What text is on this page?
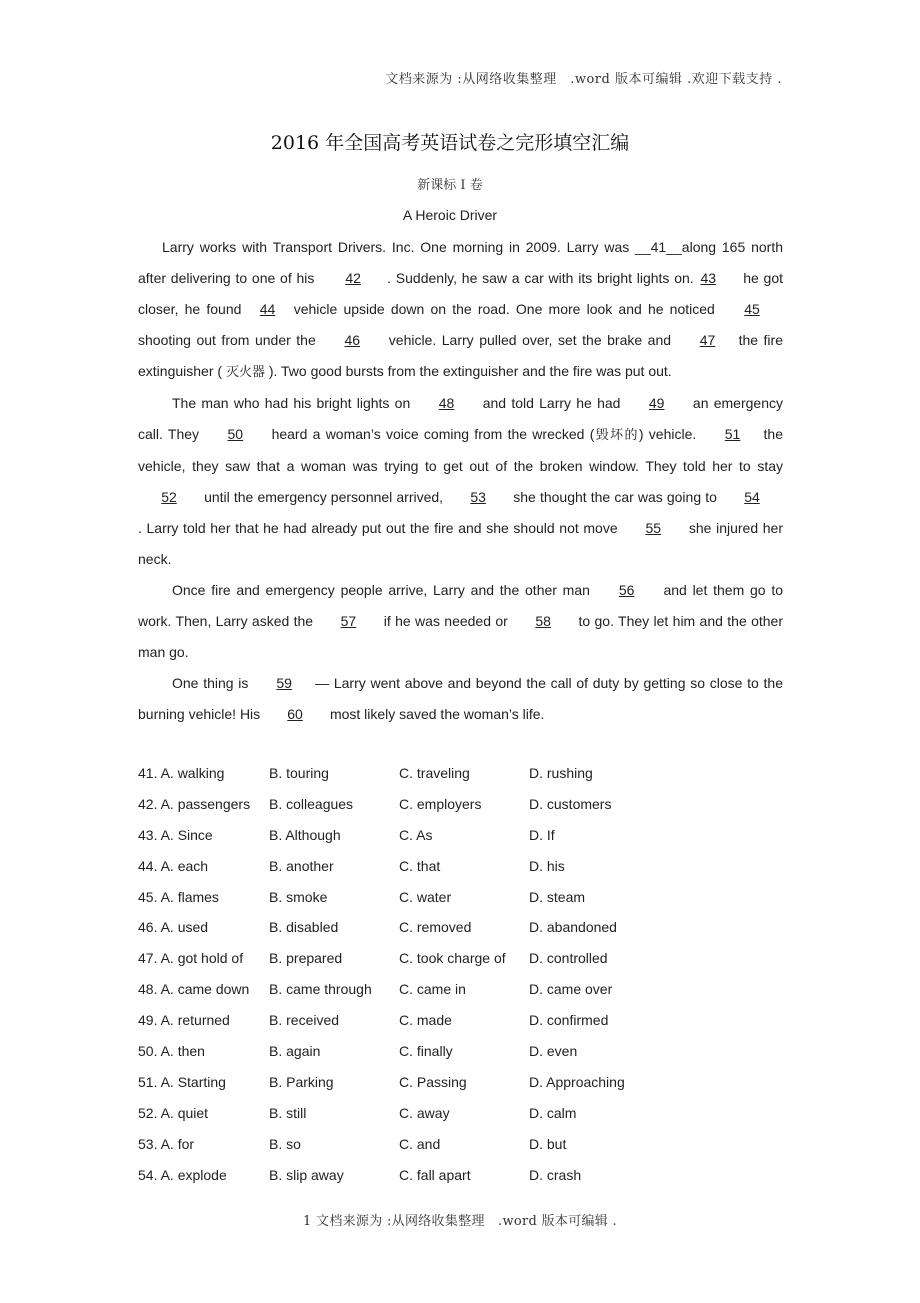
文档来源为 :从网络收集整理　.word 版本可编辑 .欢迎下载支持 .
2016 年全国高考英语试卷之完形填空汇编
新课标 I 卷
A Heroic Driver

Larry works with Transport Drivers. Inc. One morning in 2009. Larry was __41__along 165 north after delivering to one of his 42 . Suddenly, he saw a car with its bright lights on. 43 he got closer, he found 44 vehicle upside down on the road. One more look and he noticed 45 shooting out from under the 46 vehicle. Larry pulled over, set the brake and 47 the fire extinguisher ( 灭火器 ). Two good bursts from the extinguisher and the fire was put out.

The man who had his bright lights on 48 and told Larry he had 49 an emergency call. They 50 heard a woman’s voice coming from the wrecked (毁坏的) vehicle. 51 the vehicle, they saw that a woman was trying to get out of the broken window. They told her to stay 52 until the emergency personnel arrived, 53 she thought the car was going to 54. Larry told her that he had already put out the fire and she should not move 55 she injured her neck.

Once fire and emergency people arrive, Larry and the other man 56 and let them go to work. Then, Larry asked the 57 if he was needed or 58 to go. They let him and the other man go.

One thing is 59 — Larry went above and beyond the call of duty by getting so close to the burning vehicle! His 60 most likely saved the woman’s life.

41. A. walking	B. touring	C. traveling	D. rushing
42. A. passengers B. colleagues	C. employers	D. customers
43. A. Since	B. Although	C. As	D. If
44. A. each	B. another	C. that	D. his
45. A. flames	B. smoke	C. water	D. steam
46. A. used	B. disabled	C. removed	D. abandoned
47. A. got hold of B. prepared	C. took charge of D. controlled
48. A. came down B. came through C. came in	D. came over
49. A. returned	B. received	C. made	D. confirmed
50. A. then	B. again	C. finally	D. even
51. A. Starting	B. Parking	C. Passing	D. Approaching
52. A. quiet	B. still	C. away	D. calm
53. A. for	B. so	C. and	D. but
54. A. explode	B. slip away	C. fall apart	D. crash
1 文档来源为 :从网络收集整理　.word 版本可编辑 .
